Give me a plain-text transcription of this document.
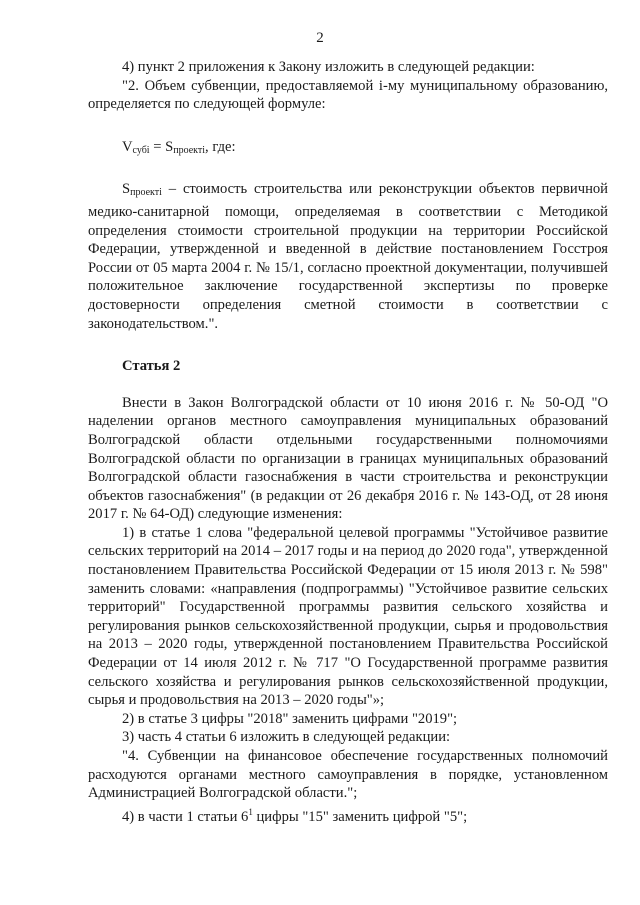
2

4) пункт 2 приложения к Закону изложить в следующей редакции:

"2. Объем субвенции, предоставляемой i-му муниципальному образованию, определяется по следующей формуле:

$V_{субi} = S_{проектi}$, где:

$S_{проектi}$ – стоимость строительства или реконструкции объектов первичной медико-санитарной помощи, определяемая в соответствии с Методикой определения стоимости строительной продукции на территории Российской Федерации, утвержденной и введенной в действие постановлением Госстроя России от 05 марта 2004 г. № 15/1, согласно проектной документации, получившей положительное заключение государственной экспертизы по проверке достоверности определения сметной стоимости в соответствии с законодательством.".

Статья 2

Внести в Закон Волгоградской области от 10 июня 2016 г. № 50-ОД "О наделении органов местного самоуправления муниципальных образований Волгоградской области отдельными государственными полномочиями Волгоградской области по организации в границах муниципальных образований Волгоградской области газоснабжения в части строительства и реконструкции объектов газоснабжения" (в редакции от 26 декабря 2016 г. № 143-ОД, от 28 июня 2017 г. № 64-ОД) следующие изменения:

1) в статье 1 слова "федеральной целевой программы "Устойчивое развитие сельских территорий на 2014 – 2017 годы и на период до 2020 года", утвержденной постановлением Правительства Российской Федерации от 15 июля 2013 г. № 598" заменить словами: «направления (подпрограммы) "Устойчивое развитие сельских территорий" Государственной программы развития сельского хозяйства и регулирования рынков сельскохозяйственной продукции, сырья и продовольствия на 2013 – 2020 годы, утвержденной постановлением Правительства Российской Федерации от 14 июля 2012 г. № 717 "О Государственной программе развития сельского хозяйства и регулирования рынков сельскохозяйственной продукции, сырья и продовольствия на 2013 – 2020 годы"»;

2) в статье 3 цифры "2018" заменить цифрами "2019";

3) часть 4 статьи 6 изложить в следующей редакции:

"4. Субвенции на финансовое обеспечение государственных полномочий расходуются органами местного самоуправления в порядке, установленном Администрацией Волгоградской области.";

4) в части 1 статьи $6^1$ цифры "15" заменить цифрой "5";
